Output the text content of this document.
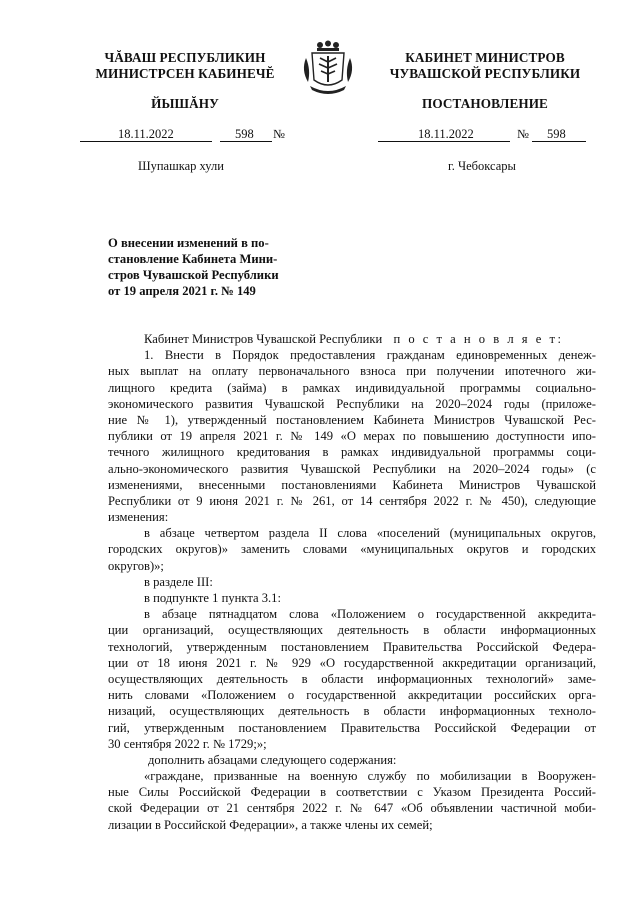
ЧĂВАШ РЕСПУБЛИКИН
МИНИСТРСЕН КАБИНЕЧĔ
ЙЫШĂНУ
КАБИНЕТ МИНИСТРОВ
ЧУВАШСКОЙ РЕСПУБЛИКИ
ПОСТАНОВЛЕНИЕ
18.11.2022	598 №	18.11.2022	№ 598
Шупашкар хули	г. Чебоксары
О внесении изменений в по-
становление Кабинета Мини-
стров Чувашской Республики
от 19 апреля 2021 г. № 149
Кабинет Министров Чувашской Республики п о с т а н о в л я е т:
1. Внести в Порядок предоставления гражданам единовременных денеж-
ных выплат на оплату первоначального взноса при получении ипотечного жи-
лищного кредита (займа) в рамках индивидуальной программы социально-
экономического развития Чувашской Республики на 2020–2024 годы (приложе-
ние № 1), утвержденный постановлением Кабинета Министров Чувашской Рес-
публики от 19 апреля 2021 г. № 149 «О мерах по повышению доступности ипо-
течного жилищного кредитования в рамках индивидуальной программы соци-
ально-экономического развития Чувашской Республики на 2020–2024 годы» (с
изменениями, внесенными постановлениями Кабинета Министров Чувашской
Республики от 9 июня 2021 г. № 261, от 14 сентября 2022 г. № 450), следующие
изменения:
в абзаце четвертом раздела II слова «поселений (муниципальных округов,
городских округов)» заменить словами «муниципальных округов и городских
округов)»;
в разделе III:
в подпункте 1 пункта 3.1:
в абзаце пятнадцатом слова «Положением о государственной аккредита-
ции организаций, осуществляющих деятельность в области информационных
технологий, утвержденным постановлением Правительства Российской Федера-
ции от 18 июня 2021 г. № 929 «О государственной аккредитации организаций,
осуществляющих деятельность в области информационных технологий» заме-
нить словами «Положением о государственной аккредитации российских орга-
низаций, осуществляющих деятельность в области информационных техноло-
гий, утвержденным постановлением Правительства Российской Федерации от
30 сентября 2022 г. № 1729;»;
дополнить абзацами следующего содержания:
«граждане, призванные на военную службу по мобилизации в Вооружен-
ные Силы Российской Федерации в соответствии с Указом Президента Россий-
ской Федерации от 21 сентября 2022 г. № 647 «Об объявлении частичной моби-
лизации в Российской Федерации», а также члены их семей;
